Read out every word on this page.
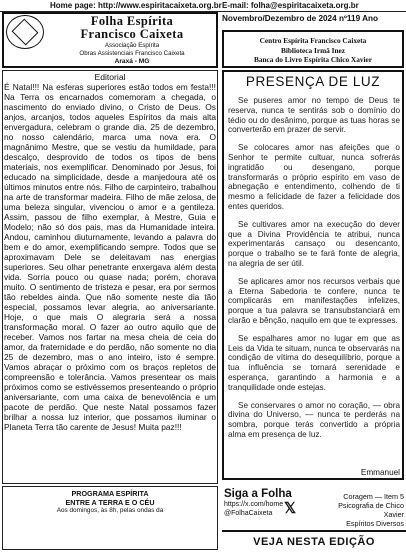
Home page: http://www.espiritacaixeta.org.br E-mail: folha@espiritacaixeta.org.br
Folha Espírita
Francisco Caixeta
Associação Espírita
Obras Assistenciais Francisco Caixeta
Araxá - MG
Novembro/Dezembro de 2024 nº119 Ano
Centro Espírita Francisco Caixeta
Biblioteca Irmã Inez
Banca do Livro Espírita Chico Xavier
Editorial
É Natal!!! Na esferas superiores estão todos em festa!!! Na Terra os encarnados comemoram a chegada, o nascimento do enviado divino, o Cristo de Deus. Os anjos, arcanjos, todos aqueles Espíritos da mais alta envergadura, celebram o grande dia. 25 de dezembro, no nosso calendário, marca uma nova era. O magnânimo Mestre, que se vestiu da humildade, para descalço, desprovido de todos os tipos de bens materiais, nos exemplificar. Denominado por Jesus, foi educado na simplicidade, desde a manjedoura até os últimos minutos entre nós. Filho de carpinteiro, trabalhou na arte de transformar madeira. Filho de mãe zelosa, de uma beleza singular, vivenciou o amor e a gentileza. Assim, passou de filho exemplar, à Mestre, Guia e Modelo; não só dos pais, mas da Humanidade inteira. Andou, caminhou diuturnamente, levando a palavra do bem e do amor, exemplificando sempre. Todos que se aproximavam Dele se deleitavam nas energias superiores. Seu olhar penetrante enxergava além desta vida. Sorria pouco ou quase nada; porém, chorava muito. O sentimento de tristeza e pesar, era por sermos tão rebeldes ainda. Que não somente neste dia tão especial, possamos levar alegria, ao aniversariante. Hoje, o que mais O alegraria será a nossa transformação moral. O fazer ao outro aquilo que de receber. Vamos nos fartar na mesa cheia de ceia do amor, da fraternidade e do perdão, não somente no dia 25 de dezembro, mas o ano inteiro, isto é sempre. Vamos abraçar o próximo com os braços repletos de compreensão e tolerância. Vamos presentear os mais próximos como se estivéssemos presenteando o próprio aniversariante, com uma caixa de benevolência e um pacote de perdão. Que neste Natal possamos fazer brilhar a nossa luz interior, que possamos iluminar o Planeta Terra tão carente de Jesus! Muita paz!!!
PRESENÇA DE LUZ

Se puseres amor no tempo de Deus te reserva, nunca te sentirás sob o domínio do tédio ou do desânimo, porque as tuas horas se converterão em prazer de servir.

Se colocares amor nas afeições que o Senhor te permite cultuar, nunca sofrerás ingratidão ou desengano, porque transformarás o próprio espírito em vaso de abnegação e entendimento, colhendo de ti mesmo a felicidade de fazer a felicidade dos entes queridos.

Se cultivares amor na execução do dever que a Divina Providência te atribui, nunca experimentarás cansaço ou desencanto, porque o trabalho se te fará fonte de alegria, na alegria de ser útil.

Se aplicares amor nos recursos verbais que a Eterna Sabedoria te confere, nunca te complicarás em manifestações infelizes, porque a tua palavra se transubstanciará em clarão e bênção, naquilo em que te expresses.

Se espalhares amor no lugar em que as Leis da Vida te situam, nunca te observarás na condição de vítima do desequilíbrio, porque a tua influência se tornará serenidade e esperança, garantindo a harmonia e a tranquilidade onde estejas.

Se conservares o amor no coração, — obra divina do Universo, — nunca te perderás na sombra, porque terás convertido a própria alma em presença de luz.

Emmanuel
Siga a Folha
https://x.com/home
@FolhaCaixeta 𝕏
Coragem — Item 5
Psicografia de Chico Xavier
Espíritos Diversos
PROGRAMA ESPÍRITA
ENTRE A TERRA E O CÉU
Aos domingos, às 8h, pelas ondas da
VEJA NESTA EDIÇÃO
